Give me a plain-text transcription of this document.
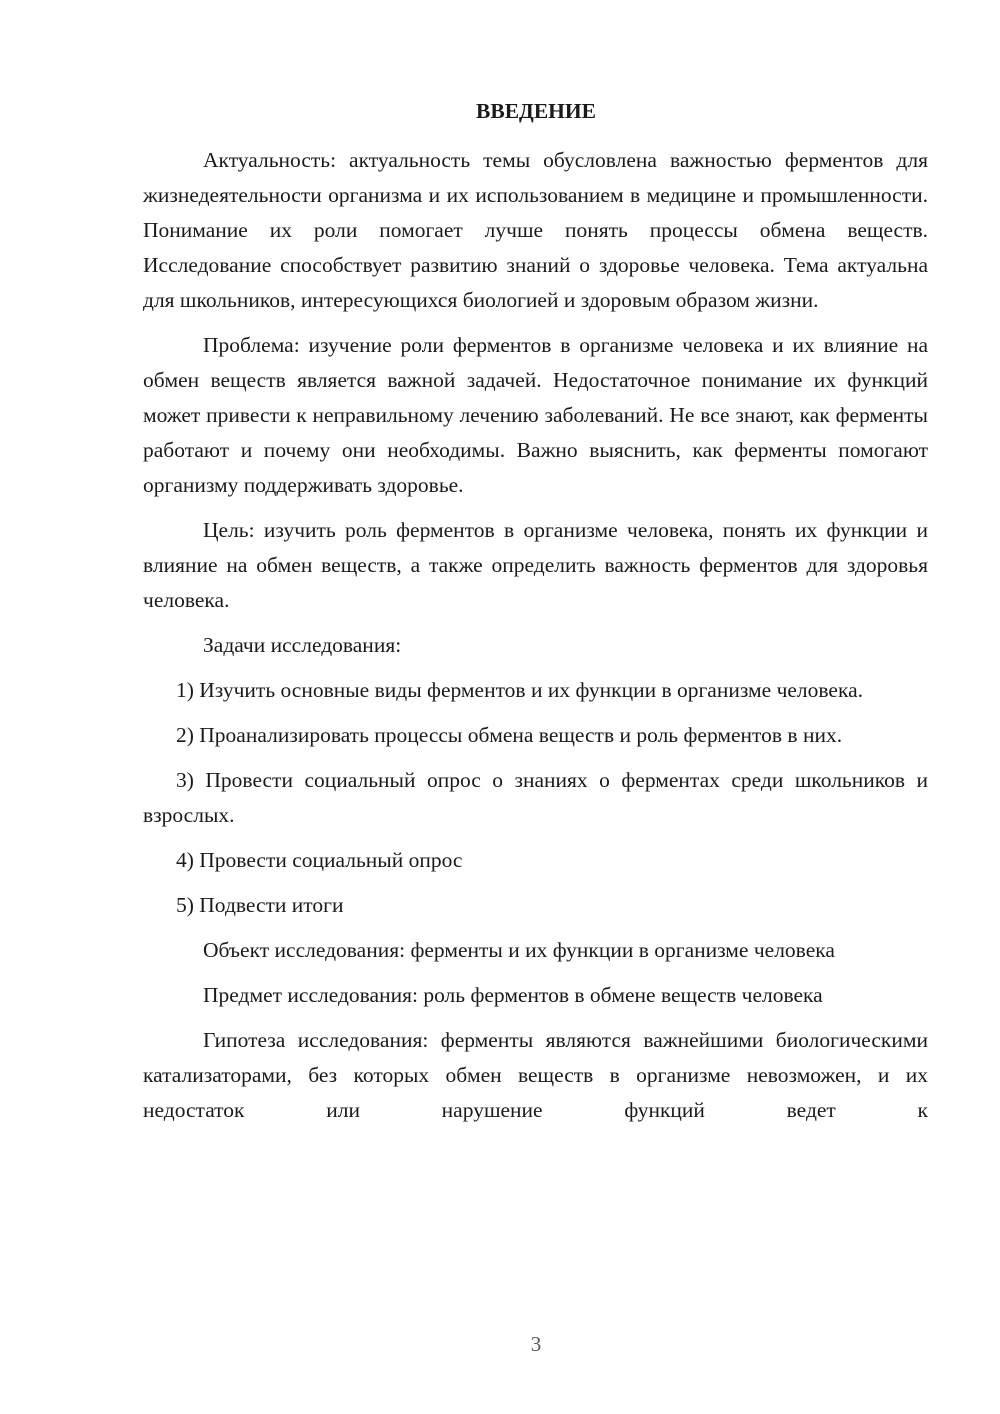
ВВЕДЕНИЕ

Актуальность: актуальность темы обусловлена важностью ферментов для жизнедеятельности организма и их использованием в медицине и промышленности. Понимание их роли помогает лучше понять процессы обмена веществ. Исследование способствует развитию знаний о здоровье человека. Тема актуальна для школьников, интересующихся биологией и здоровым образом жизни.

Проблема: изучение роли ферментов в организме человека и их влияние на обмен веществ является важной задачей. Недостаточное понимание их функций может привести к неправильному лечению заболеваний. Не все знают, как ферменты работают и почему они необходимы. Важно выяснить, как ферменты помогают организму поддерживать здоровье.

Цель: изучить роль ферментов в организме человека, понять их функции и влияние на обмен веществ, а также определить важность ферментов для здоровья человека.

Задачи исследования:

1) Изучить основные виды ферментов и их функции в организме человека.

2) Проанализировать процессы обмена веществ и роль ферментов в них.

3) Провести социальный опрос о знаниях о ферментах среди школьников и взрослых.

4) Провести социальный опрос

5) Подвести итоги

Объект исследования: ферменты и их функции в организме человека

Предмет исследования: роль ферментов в обмене веществ человека

Гипотеза исследования: ферменты являются важнейшими биологическими катализаторами, без которых обмен веществ в организме невозможен, и их недостаток или нарушение функций ведет к

3
